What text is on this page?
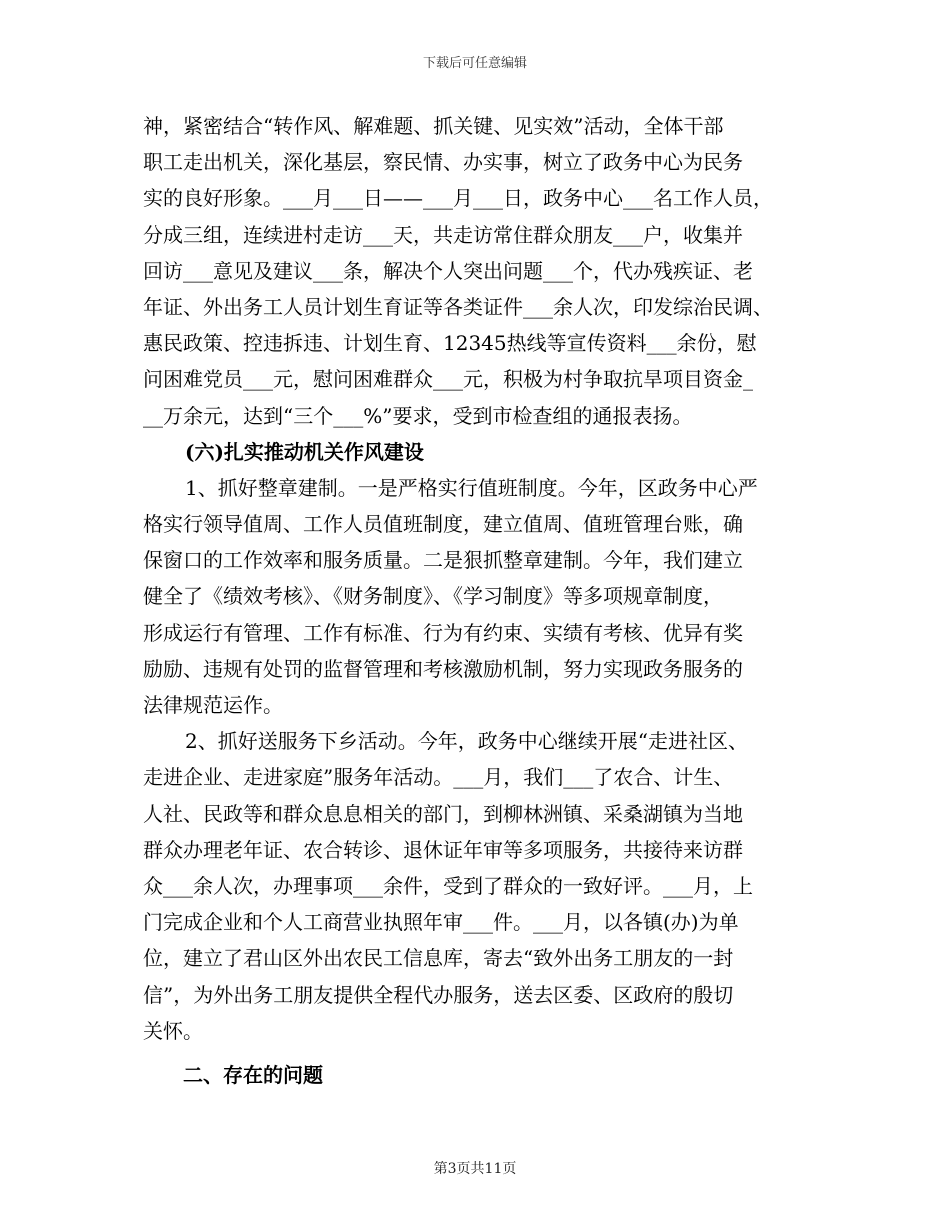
下载后可任意编辑
神，紧密结合“转作风、解难题、抓关键、见实效”活动，全体干部
职工走出机关，深化基层，察民情、办实事，树立了政务中心为民务
实的良好形象。___月___日——___月___日，政务中心___名工作人员，
分成三组，连续进村走访___天，共走访常住群众朋友___户，收集并
回访___意见及建议___条，解决个人突出问题___个，代办残疾证、老
年证、外出务工人员计划生育证等各类证件___余人次，印发综治民调、
惠民政策、控违拆违、计划生育、12345热线等宣传资料___余份，慰
问困难党员___元，慰问困难群众___元，积极为村争取抗旱项目资金_
__万余元，达到“三个___%”要求，受到市检查组的通报表扬。
(六)扎实推动机关作风建设
1、抓好整章建制。一是严格实行值班制度。今年，区政务中心严
格实行领导值周、工作人员值班制度，建立值周、值班管理台账，确
保窗口的工作效率和服务质量。二是狠抓整章建制。今年，我们建立
健全了《绩效考核》、《财务制度》、《学习制度》等多项规章制度，
形成运行有管理、工作有标准、行为有约束、实绩有考核、优异有奖
励励、违规有处罚的监督管理和考核激励机制，努力实现政务服务的
法律规范运作。
2、抓好送服务下乡活动。今年，政务中心继续开展“走进社区、
走进企业、走进家庭”服务年活动。___月，我们___了农合、计生、
人社、民政等和群众息息相关的部门，到柳林洲镇、采桑湖镇为当地
群众办理老年证、农合转诊、退休证年审等多项服务，共接待来访群
众___余人次，办理事项___余件，受到了群众的一致好评。___月，上
门完成企业和个人工商营业执照年审___件。___月，以各镇(办)为单
位，建立了君山区外出农民工信息库，寄去“致外出务工朋友的一封
信”，为外出务工朋友提供全程代办服务，送去区委、区政府的殷切
关怀。
二、存在的问题
第3页共11页
